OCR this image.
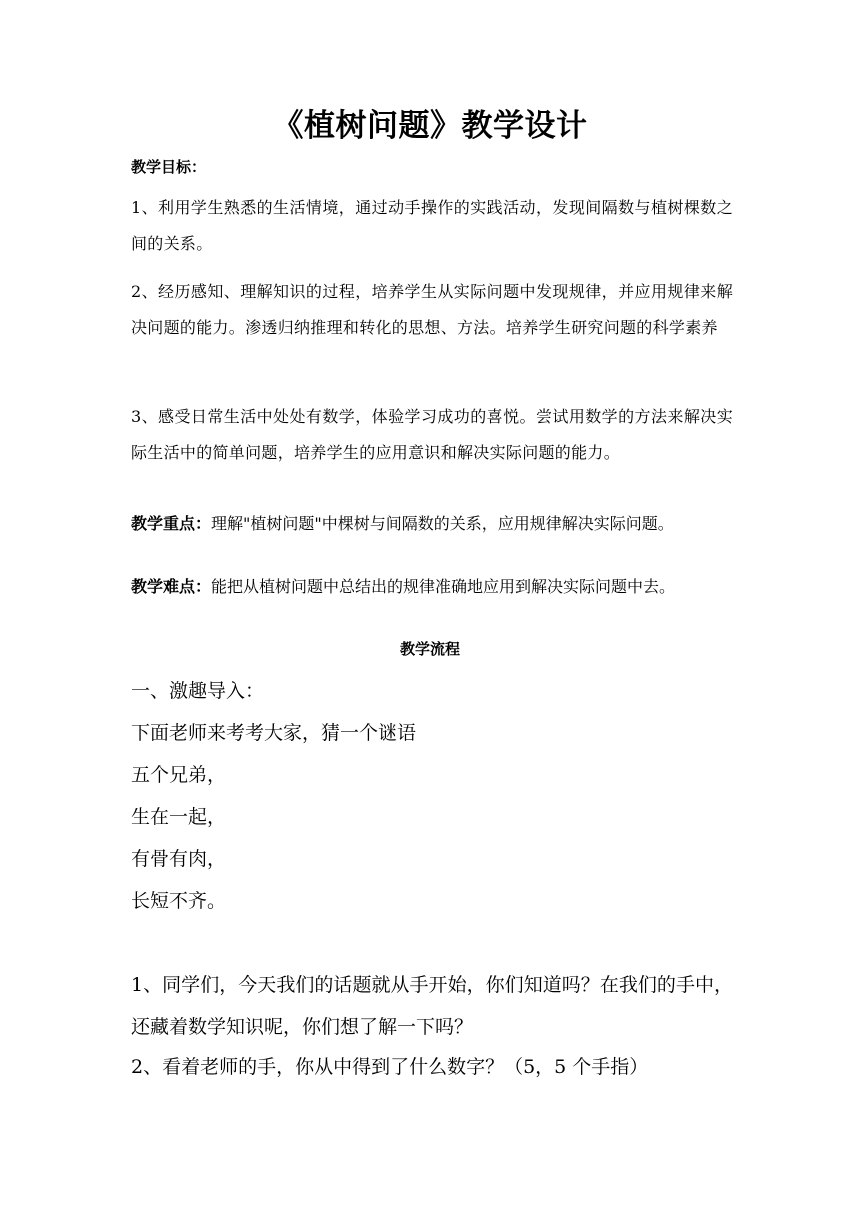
《植树问题》教学设计
教学目标：
1、利用学生熟悉的生活情境，通过动手操作的实践活动，发现间隔数与植树棵数之间的关系。
2、经历感知、理解知识的过程，培养学生从实际问题中发现规律，并应用规律来解决问题的能力。渗透归纳推理和转化的思想、方法。培养学生研究问题的科学素养
3、感受日常生活中处处有数学，体验学习成功的喜悦。尝试用数学的方法来解决实际生活中的简单问题，培养学生的应用意识和解决实际问题的能力。
教学重点：理解"植树问题"中棵树与间隔数的关系，应用规律解决实际问题。
教学难点：能把从植树问题中总结出的规律准确地应用到解决实际问题中去。
教学流程
一、激趣导入：
下面老师来考考大家，猜一个谜语
五个兄弟，
生在一起，
有骨有肉，
长短不齐。
1、同学们，今天我们的话题就从手开始，你们知道吗？在我们的手中，还藏着数学知识呢，你们想了解一下吗？
2、看着老师的手，你从中得到了什么数字？（5，5 个手指）
